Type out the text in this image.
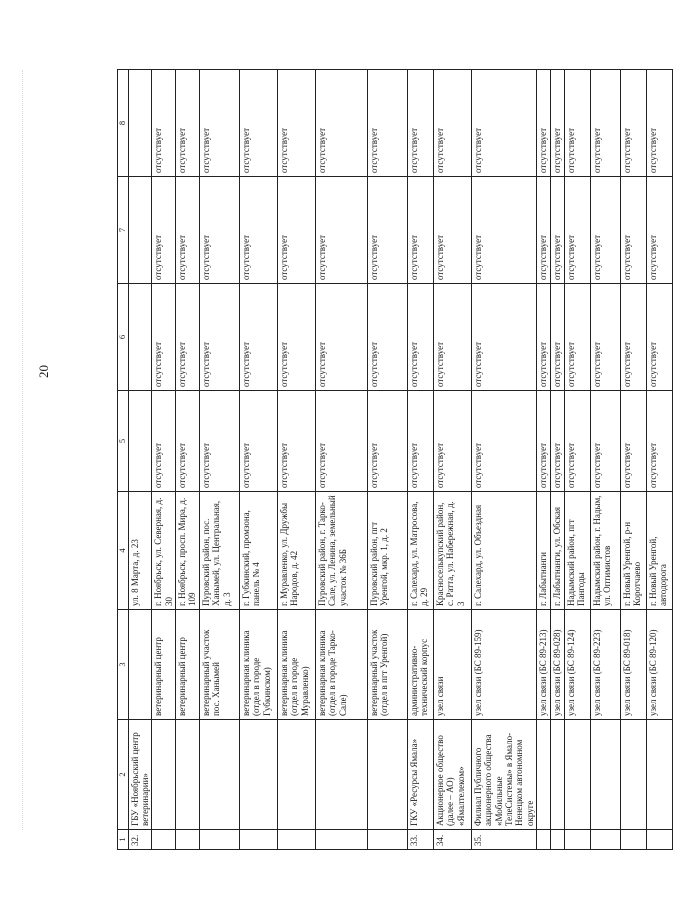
20
1	2	3	4	5	6	7	8
32.	ГБУ «Ноябрьский центр ветеринарии»		ул. 8 Марта, д. 23				
		ветеринарный центр	г. Ноябрьск, ул. Северная, д. 30	отсутствует	отсутствует	отсутствует	отсутствует
		ветеринарный центр	г. Ноябрьск, просп. Мира, д. 109	отсутствует	отсутствует	отсутствует	отсутствует
		ветеринарный участок пос. Ханымей	Пуровский район, пос. Ханымей, ул. Центральная, д. 3	отсутствует	отсутствует	отсутствует	отсутствует
		ветеринарная клиника (отдел в городе Губкинском)	г. Губкинский, промзона, панель № 4	отсутствует	отсутствует	отсутствует	отсутствует
		ветеринарная клиника (отдел в городе Муравленко)	г. Муравленко, ул. Дружбы Народов, д. 42	отсутствует	отсутствует	отсутствует	отсутствует
		ветеринарная клиника (отдел в городе Тарко-Сале)	Пуровский район, г. Тарко-Сале, ул. Ленина, земельный участок № 36Б	отсутствует	отсутствует	отсутствует	отсутствует
		ветеринарный участок (отдел в пгт Уренгой)	Пуровский район, пгт Уренгой, мкр. 1, д. 2	отсутствует	отсутствует	отсутствует	отсутствует
33.	ГКУ «Ресурсы Ямала»	административно-технический корпус	г. Салехард, ул. Матросова, д. 29	отсутствует	отсутствует	отсутствует	отсутствует
34.	Акционерное общество (далее – АО) «Ямалтелеком»	узел связи	Красноселькупский район, с. Ратта, ул. Набережная, д. 3	отсутствует	отсутствует	отсутствует	отсутствует
35.	Филиал Публичного акционерного общества «Мобильные ТелеСистемы» в Ямало-Ненецком автономном округе	узел связи (БС 89-159)	г. Салехард, ул. Объездная	отсутствует	отсутствует	отсутствует	отсутствует
		узел связи (БС 89-213)	г. Лабытнанги	отсутствует	отсутствует	отсутствует	отсутствует
		узел связи (БС 89-028)	г. Лабытнанги, ул. Обская	отсутствует	отсутствует	отсутствует	отсутствует
		узел связи (БС 89-124)	Надымский район, пгт Пангоды	отсутствует	отсутствует	отсутствует	отсутствует
		узел связи (БС 89-223)	Надымский район, г. Надым, ул. Оптимистов	отсутствует	отсутствует	отсутствует	отсутствует
		узел связи (БС 89-018)	г. Новый Уренгой, р-н Коротчаево	отсутствует	отсутствует	отсутствует	отсутствует
		узел связи (БС 89-120)	г. Новый Уренгой, автодорога	отсутствует	отсутствует	отсутствует	отсутствует
